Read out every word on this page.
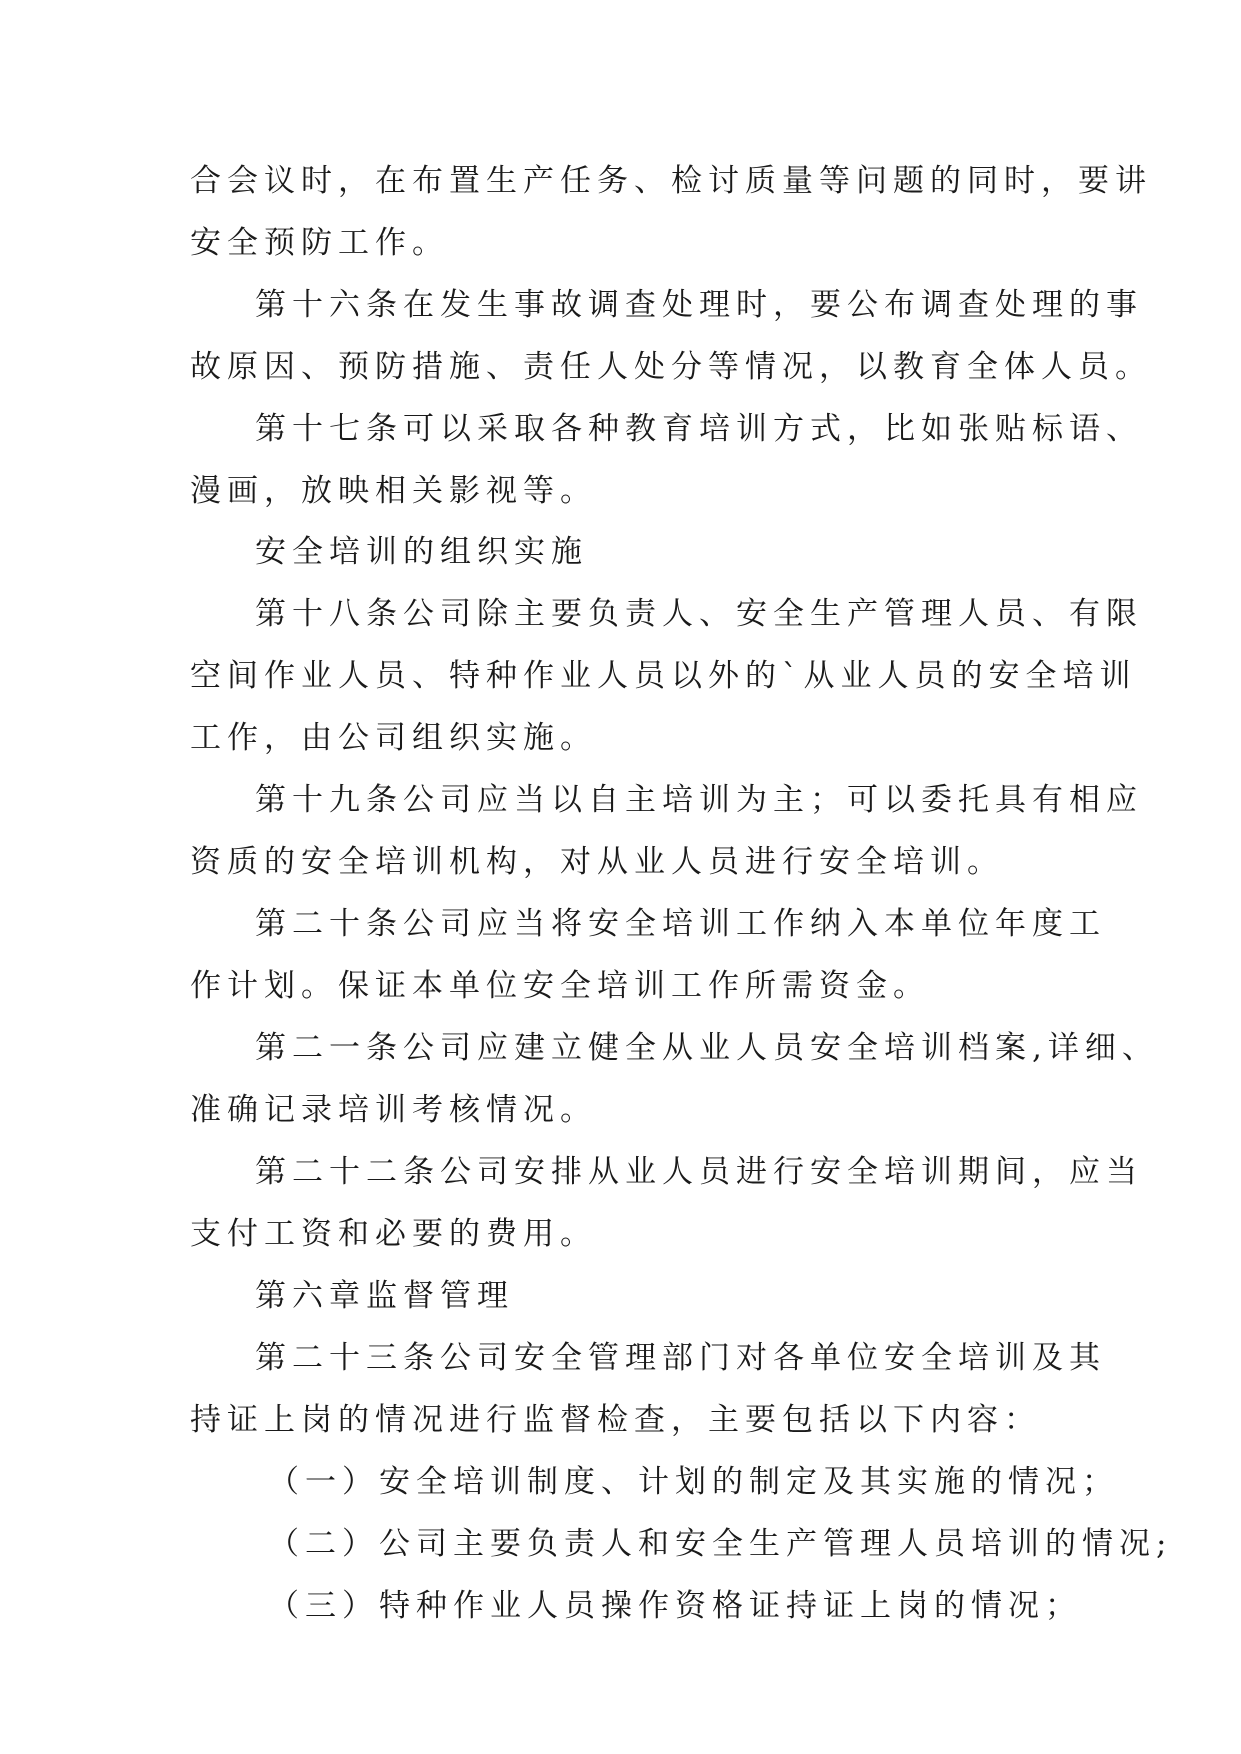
合会议时，在布置生产任务、检讨质量等问题的同时，要讲
安全预防工作。
第十六条在发生事故调查处理时，要公布调查处理的事
故原因、预防措施、责任人处分等情况，以教育全体人员。
第十七条可以采取各种教育培训方式，比如张贴标语、
漫画，放映相关影视等。
安全培训的组织实施
第十八条公司除主要负责人、安全生产管理人员、有限
空间作业人员、特种作业人员以外的`从业人员的安全培训
工作，由公司组织实施。
第十九条公司应当以自主培训为主；可以委托具有相应
资质的安全培训机构，对从业人员进行安全培训。
第二十条公司应当将安全培训工作纳入本单位年度工
作计划。保证本单位安全培训工作所需资金。
第二一条公司应建立健全从业人员安全培训档案,详细、
准确记录培训考核情况。
第二十二条公司安排从业人员进行安全培训期间，应当
支付工资和必要的费用。
第六章监督管理
第二十三条公司安全管理部门对各单位安全培训及其
持证上岗的情况进行监督检查，主要包括以下内容：
（一）安全培训制度、计划的制定及其实施的情况；
（二）公司主要负责人和安全生产管理人员培训的情况;
（三）特种作业人员操作资格证持证上岗的情况；
